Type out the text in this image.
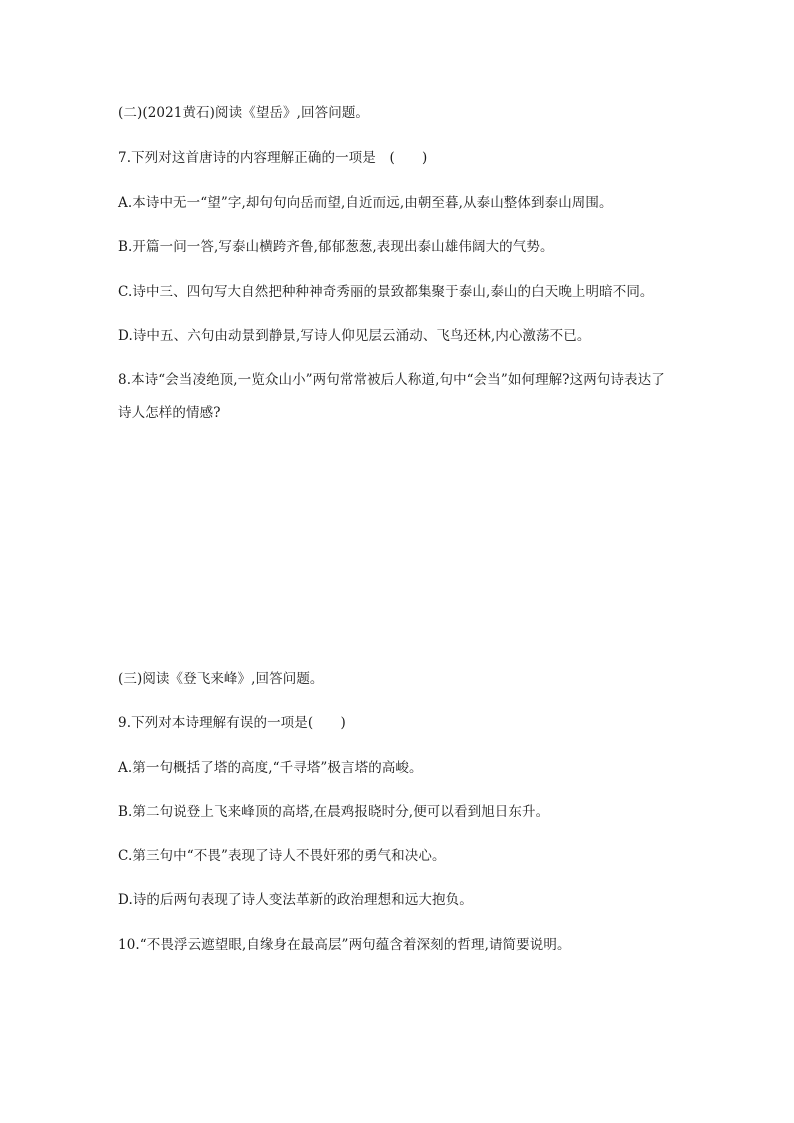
(二)(2021黄石)阅读《望岳》,回答问题。
7.下列对这首唐诗的内容理解正确的一项是　(　　)
A.本诗中无一“望”字,却句句向岳而望,自近而远,由朝至暮,从泰山整体到泰山周围。
B.开篇一问一答,写泰山横跨齐鲁,郁郁葱葱,表现出泰山雄伟阔大的气势。
C.诗中三、四句写大自然把种种神奇秀丽的景致都集聚于泰山,泰山的白天晚上明暗不同。
D.诗中五、六句由动景到静景,写诗人仰见层云涌动、飞鸟还林,内心激荡不已。
8.本诗“会当凌绝顶,一览众山小”两句常常被后人称道,句中“会当”如何理解?这两句诗表达了
诗人怎样的情感?
(三)阅读《登飞来峰》,回答问题。
9.下列对本诗理解有误的一项是(　　)
A.第一句概括了塔的高度,“千寻塔”极言塔的高峻。
B.第二句说登上飞来峰顶的高塔,在晨鸡报晓时分,便可以看到旭日东升。
C.第三句中“不畏”表现了诗人不畏奸邪的勇气和决心。
D.诗的后两句表现了诗人变法革新的政治理想和远大抱负。
10.“不畏浮云遮望眼,自缘身在最高层”两句蕴含着深刻的哲理,请简要说明。
